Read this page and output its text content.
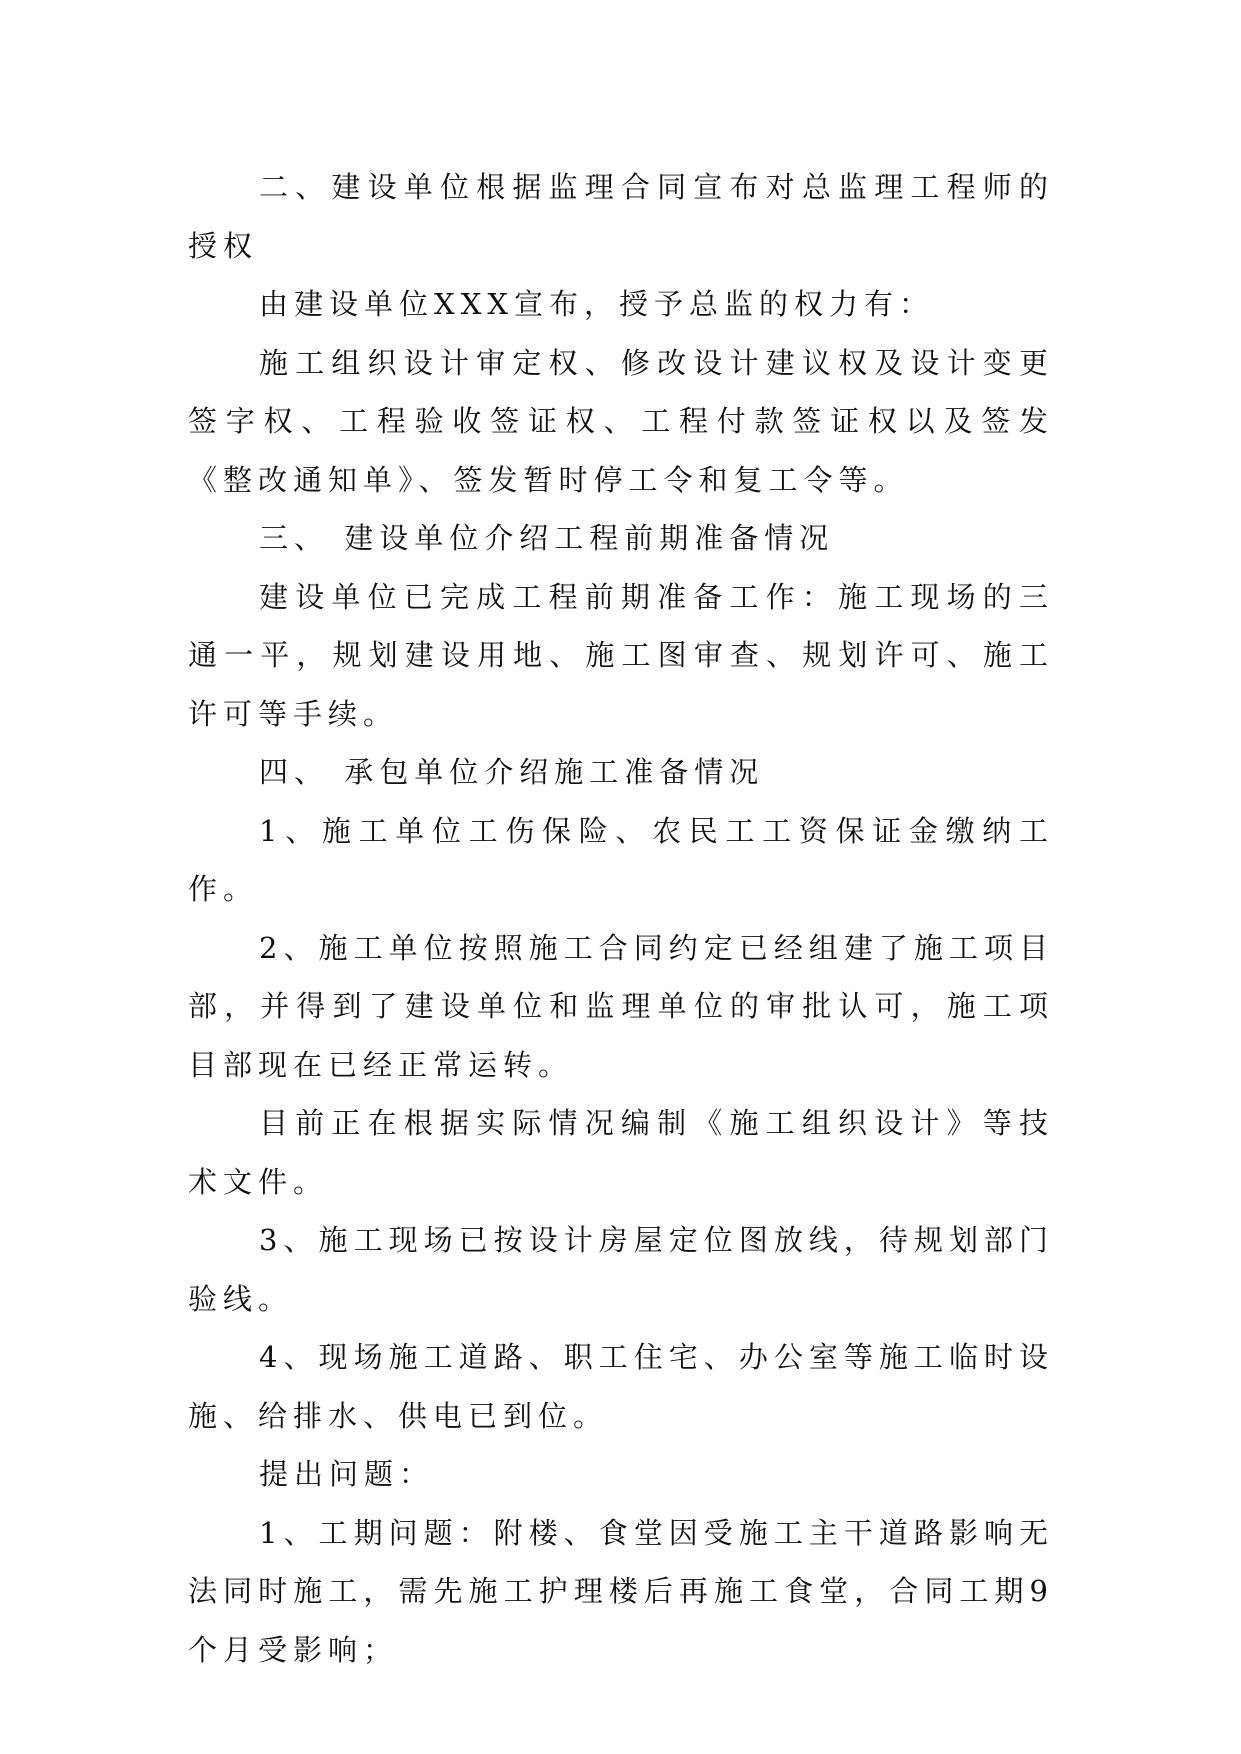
二、建设单位根据监理合同宣布对总监理工程师的授权

由建设单位XXX宣布，授予总监的权力有：

施工组织设计审定权、修改设计建议权及设计变更签字权、工程验收签证权、工程付款签证权以及签发《整改通知单》、签发暂时停工令和复工令等。

三、 建设单位介绍工程前期准备情况

建设单位已完成工程前期准备工作：施工现场的三通一平，规划建设用地、施工图审查、规划许可、施工许可等手续。

四、 承包单位介绍施工准备情况

1、施工单位工伤保险、农民工工资保证金缴纳工作。

2、施工单位按照施工合同约定已经组建了施工项目部，并得到了建设单位和监理单位的审批认可，施工项目部现在已经正常运转。

目前正在根据实际情况编制《施工组织设计》等技术文件。

3、施工现场已按设计房屋定位图放线，待规划部门验线。

4、现场施工道路、职工住宅、办公室等施工临时设施、给排水、供电已到位。

提出问题：

1、工期问题：附楼、食堂因受施工主干道路影响无法同时施工，需先施工护理楼后再施工食堂，合同工期9个月受影响；
